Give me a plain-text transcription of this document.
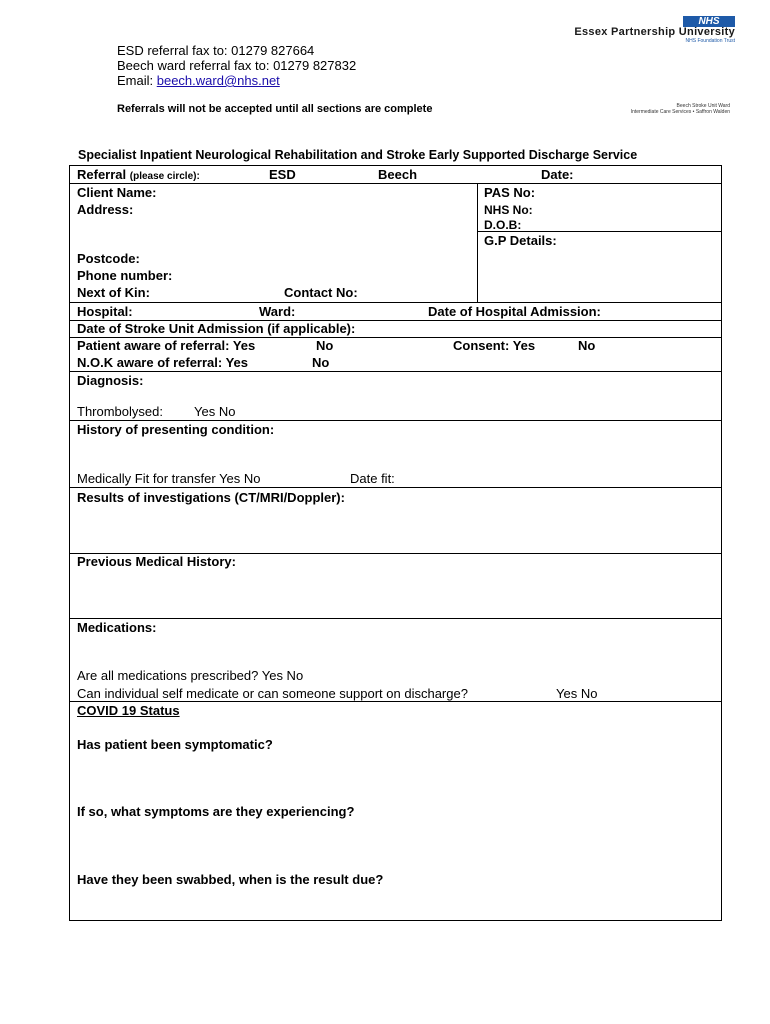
ESD referral fax to: 01279 827664
Beech ward referral fax to: 01279 827832
Email: beech.ward@nhs.net
Referrals will not be accepted until all sections are complete
NHS
Essex Partnership University
NHS Foundation Trust
Beech Stroke Unit Ward
Intermediate Care Services • Saffron Walden
Specialist Inpatient Neurological Rehabilitation and Stroke Early Supported Discharge Service
Referral (please circle):	ESD	Beech	Date:
Client Name:
Address:
Postcode:
Phone number:
Next of Kin:	Contact No:
PAS No:
NHS No:
D.O.B:
G.P Details:
Hospital:	Ward:	Date of Hospital Admission:
Date of Stroke Unit Admission (if applicable):
Patient aware of referral: Yes	No	Consent: Yes	No
N.O.K aware of referral: Yes	No
Diagnosis:
Thrombolysed: Yes No
History of presenting condition:
Medically Fit for transfer Yes No	Date fit:
Results of investigations (CT/MRI/Doppler):
Previous Medical History:
Medications:
Are all medications prescribed? Yes No
Can individual self medicate or can someone support on discharge?	Yes No
COVID 19 Status
Has patient been symptomatic?
If so, what symptoms are they experiencing?
Have they been swabbed, when is the result due?
